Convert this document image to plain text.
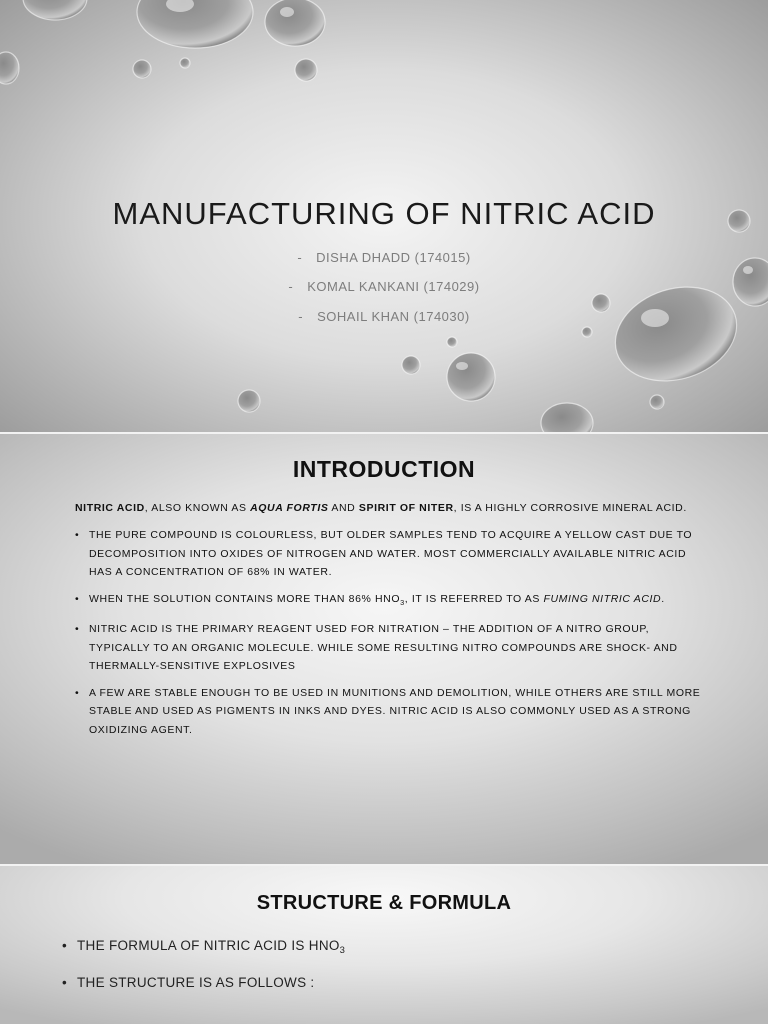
MANUFACTURING OF NITRIC ACID
- DISHA DHADD (174015)
- KOMAL KANKANI (174029)
- SOHAIL KHAN (174030)
INTRODUCTION

NITRIC ACID, ALSO KNOWN AS AQUA FORTIS AND SPIRIT OF NITER, IS A HIGHLY CORROSIVE MINERAL ACID.

• THE PURE COMPOUND IS COLOURLESS, BUT OLDER SAMPLES TEND TO ACQUIRE A YELLOW CAST DUE TO DECOMPOSITION INTO OXIDES OF NITROGEN AND WATER. MOST COMMERCIALLY AVAILABLE NITRIC ACID HAS A CONCENTRATION OF 68% IN WATER.
• WHEN THE SOLUTION CONTAINS MORE THAN 86% $HNO_3$, IT IS REFERRED TO AS FUMING NITRIC ACID.
• NITRIC ACID IS THE PRIMARY REAGENT USED FOR NITRATION – THE ADDITION OF A NITRO GROUP, TYPICALLY TO AN ORGANIC MOLECULE. WHILE SOME RESULTING NITRO COMPOUNDS ARE SHOCK- AND THERMALLY-SENSITIVE EXPLOSIVES
• A FEW ARE STABLE ENOUGH TO BE USED IN MUNITIONS AND DEMOLITION, WHILE OTHERS ARE STILL MORE STABLE AND USED AS PIGMENTS IN INKS AND DYES. NITRIC ACID IS ALSO COMMONLY USED AS A STRONG OXIDIZING AGENT.
STRUCTURE & FORMULA
• THE FORMULA OF NITRIC ACID IS $HNO_3$
• THE STRUCTURE IS AS FOLLOWS :
